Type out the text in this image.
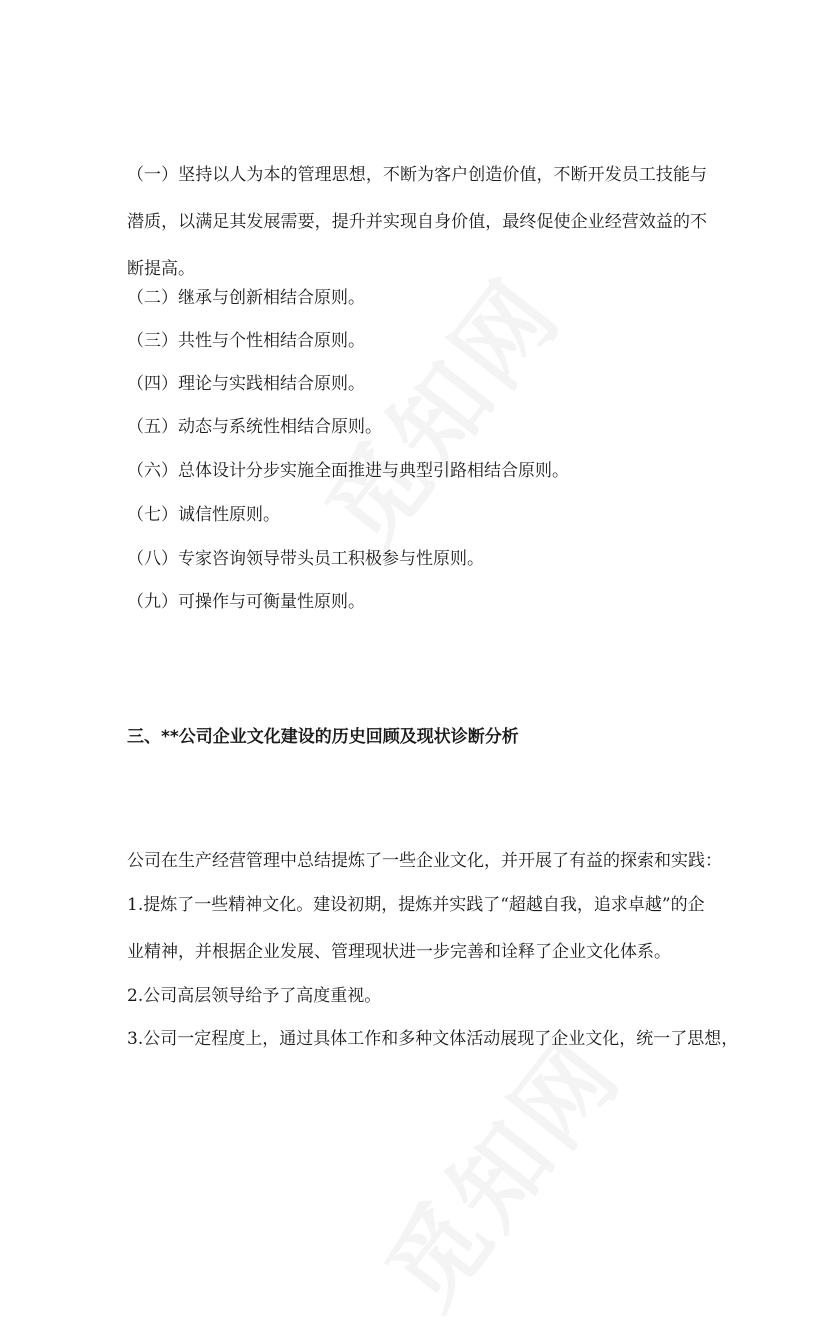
（一）坚持以人为本的管理思想，不断为客户创造价值，不断开发员工技能与潜质，以满足其发展需要，提升并实现自身价值，最终促使企业经营效益的不断提高。
（二）继承与创新相结合原则。
（三）共性与个性相结合原则。
（四）理论与实践相结合原则。
（五）动态与系统性相结合原则。
（六）总体设计分步实施全面推进与典型引路相结合原则。
（七）诚信性原则。
（八）专家咨询领导带头员工积极参与性原则。
（九）可操作与可衡量性原则。
三、**公司企业文化建设的历史回顾及现状诊断分析
公司在生产经营管理中总结提炼了一些企业文化，并开展了有益的探索和实践：
1.提炼了一些精神文化。建设初期，提炼并实践了“超越自我，追求卓越”的企业精神，并根据企业发展、管理现状进一步完善和诠释了企业文化体系。
2.公司高层领导给予了高度重视。
3.公司一定程度上，通过具体工作和多种文体活动展现了企业文化，统一了思想，
